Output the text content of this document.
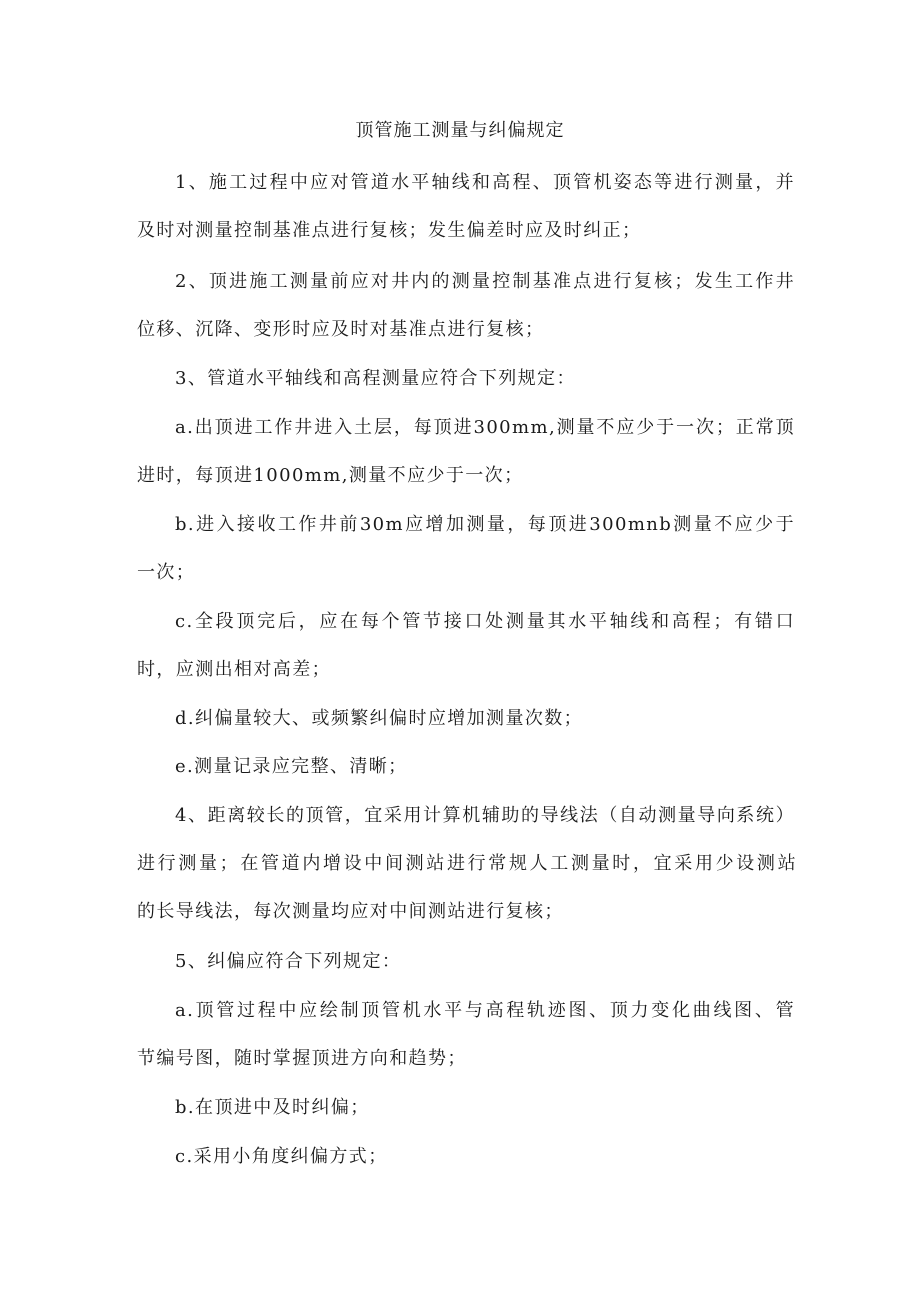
顶管施工测量与纠偏规定
1、施工过程中应对管道水平轴线和高程、顶管机姿态等进行测量，并
及时对测量控制基准点进行复核；发生偏差时应及时纠正；
2、顶进施工测量前应对井内的测量控制基准点进行复核；发生工作井
位移、沉降、变形时应及时对基准点进行复核；
3、管道水平轴线和高程测量应符合下列规定：
a.出顶进工作井进入土层，每顶进300mm,测量不应少于一次；正常顶
进时，每顶进1000mm,测量不应少于一次；
b.进入接收工作井前30m应增加测量，每顶进300mnb测量不应少于
一次；
c.全段顶完后，应在每个管节接口处测量其水平轴线和高程；有错口
时，应测出相对高差；
d.纠偏量较大、或频繁纠偏时应增加测量次数；
e.测量记录应完整、清晰；
4、距离较长的顶管，宜采用计算机辅助的导线法（自动测量导向系统）
进行测量；在管道内增设中间测站进行常规人工测量时，宜采用少设测站
的长导线法，每次测量均应对中间测站进行复核；
5、纠偏应符合下列规定：
a.顶管过程中应绘制顶管机水平与高程轨迹图、顶力变化曲线图、管
节编号图，随时掌握顶进方向和趋势；
b.在顶进中及时纠偏；
c.采用小角度纠偏方式；
